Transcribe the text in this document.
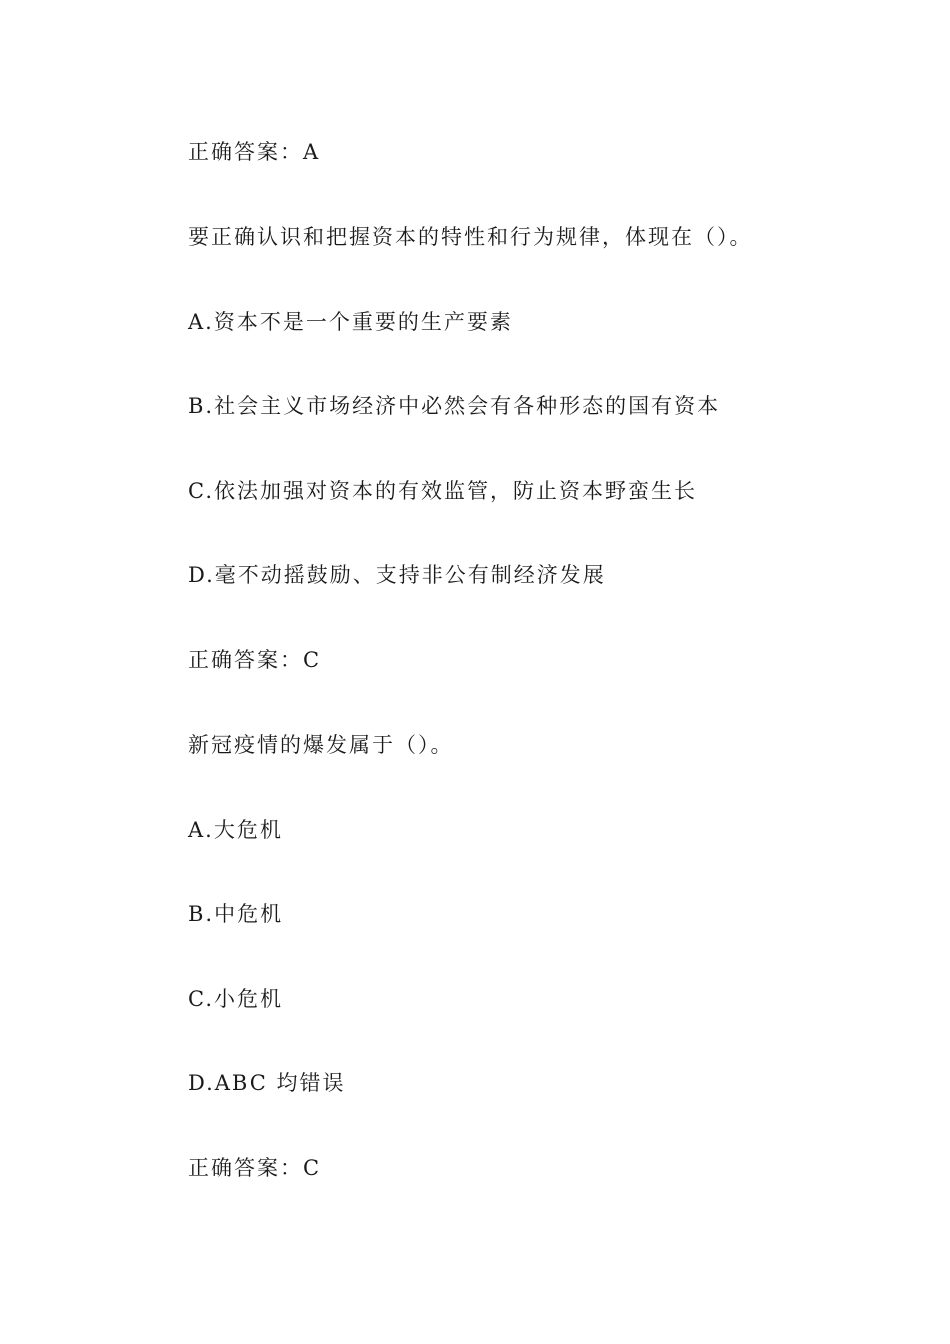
正确答案：A
要正确认识和把握资本的特性和行为规律，体现在（）。
A.资本不是一个重要的生产要素
B.社会主义市场经济中必然会有各种形态的国有资本
C.依法加强对资本的有效监管，防止资本野蛮生长
D.毫不动摇鼓励、支持非公有制经济发展
正确答案：C
新冠疫情的爆发属于（）。
A.大危机
B.中危机
C.小危机
D.ABC 均错误
正确答案：C
